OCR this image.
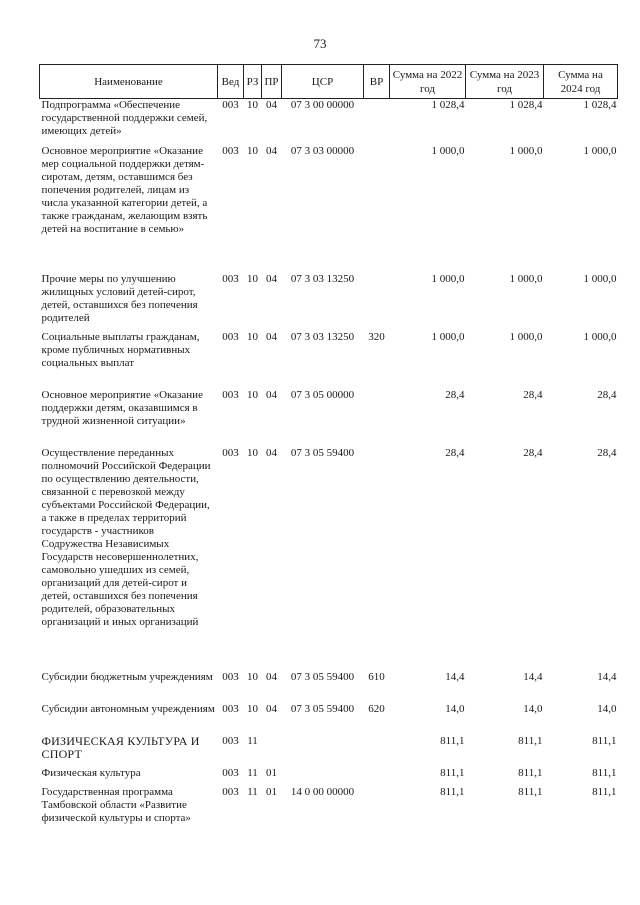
73
Наименование	Вед	РЗ	ПР	ЦСР	ВР	Сумма на 2022 год	Сумма на 2023 год	Сумма на 2024 год
Подпрограмма «Обеспечение государственной поддержки семей, имеющих детей»	003	10	04	07 3 00 00000		1 028,4	1 028,4	1 028,4
Основное мероприятие «Оказание мер социальной поддержки детям-сиротам, детям, оставшимся без попечения родителей, лицам из числа указанной категории детей, а также гражданам, желающим взять детей на воспитание в семью»	003	10	04	07 3 03 00000		1 000,0	1 000,0	1 000,0
Прочие меры по улучшению жилищных условий детей-сирот, детей, оставшихся без попечения родителей	003	10	04	07 3 03 13250		1 000,0	1 000,0	1 000,0
Социальные выплаты гражданам, кроме публичных нормативных социальных выплат	003	10	04	07 3 03 13250	320	1 000,0	1 000,0	1 000,0
Основное мероприятие «Оказание поддержки детям, оказавшимся в трудной жизненной ситуации»	003	10	04	07 3 05 00000		28,4	28,4	28,4
Осуществление переданных полномочий Российской Федерации по осуществлению деятельности, связанной с перевозкой между субъектами Российской Федерации, а также в пределах территорий государств - участников Содружества Независимых Государств несовершеннолетних, самовольно ушедших из семей, организаций для детей-сирот и детей, оставшихся без попечения родителей, образовательных организаций и иных организаций	003	10	04	07 3 05 59400		28,4	28,4	28,4
Субсидии бюджетным учреждениям	003	10	04	07 3 05 59400	610	14,4	14,4	14,4
Субсидии автономным учреждениям	003	10	04	07 3 05 59400	620	14,0	14,0	14,0
ФИЗИЧЕСКАЯ КУЛЬТУРА И СПОРТ	003	11				811,1	811,1	811,1
Физическая культура	003	11	01			811,1	811,1	811,1
Государственная программа Тамбовской области «Развитие физической культуры и спорта»	003	11	01	14 0 00 00000		811,1	811,1	811,1
